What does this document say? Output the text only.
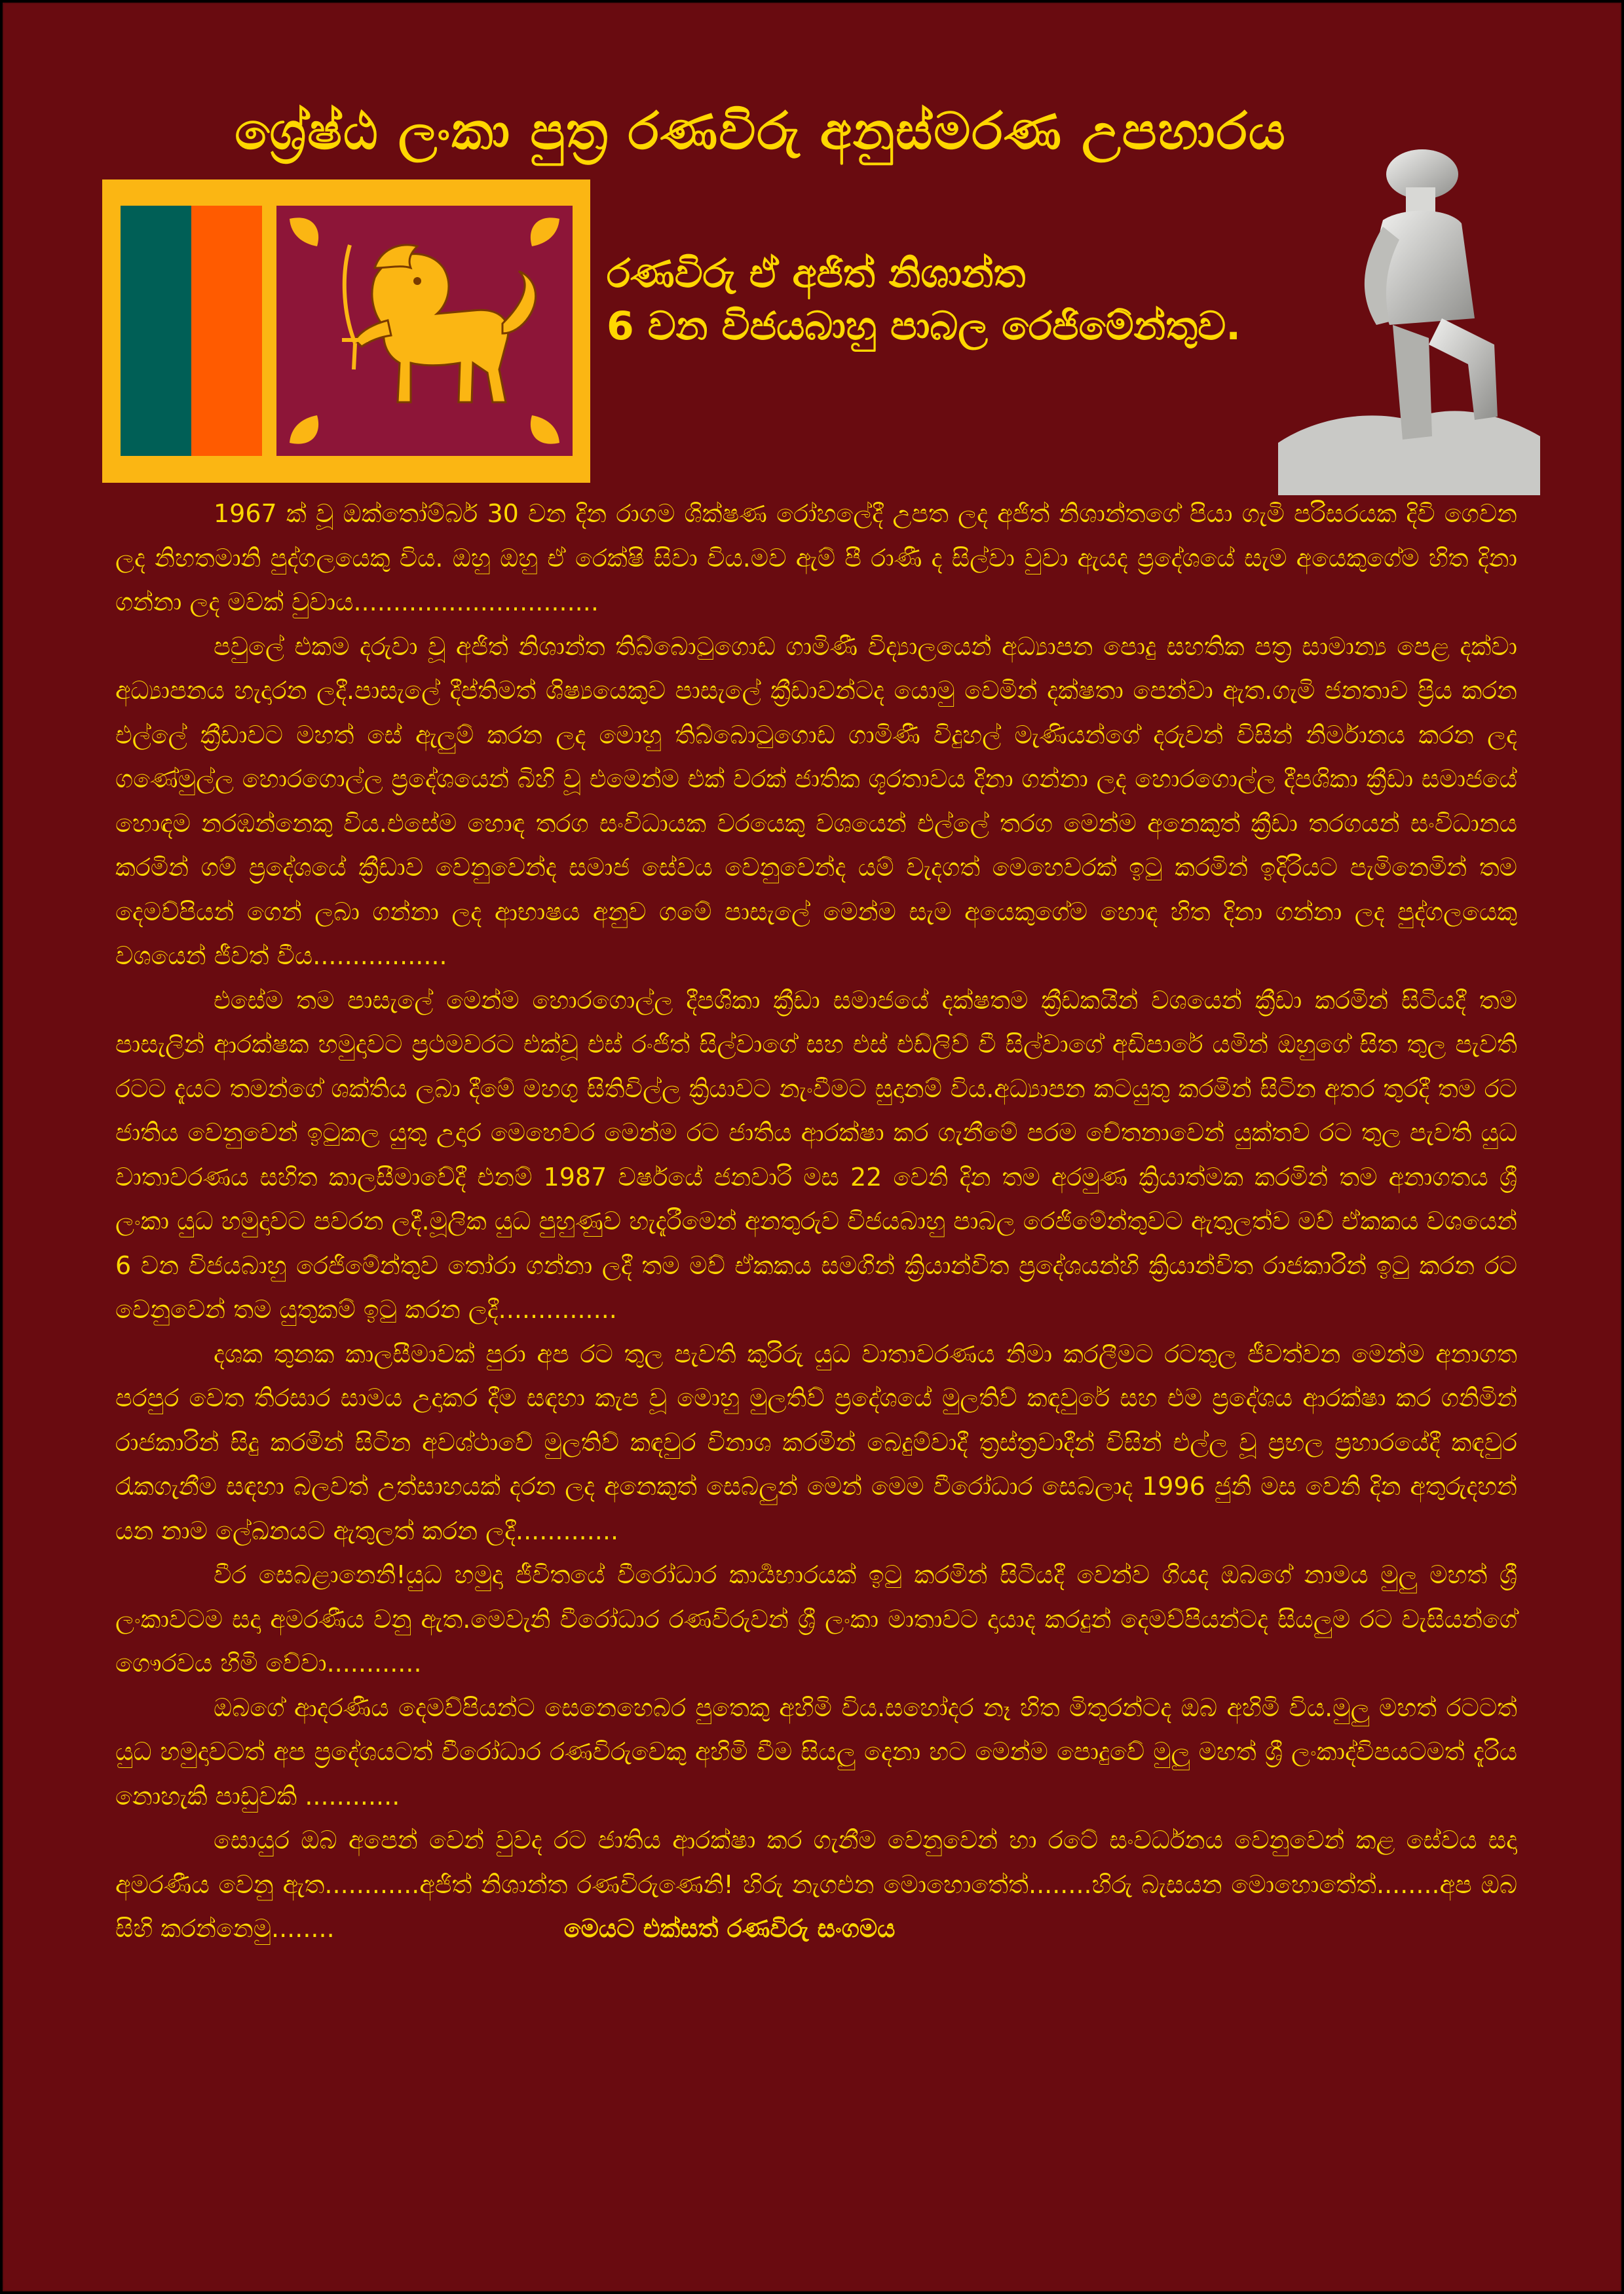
ශ්‍රේෂ්ඨ ලංකා පුත්‍ර රණවිරු අනුස්මරණ උපහාරය
රණවිරු ඒ අජිත් නිශාන්ත
6 වන විජයබාහු පාබල රෙජිමේන්තුව.

1967 ක් වූ ඔක්තෝම්බර් 30 වන දින රාගම ශික්ෂණ රෝහලේදී උපත ලද අජිත් නිශාන්තගේ පියා ගැමි පරිසරයක දිවි ගෙවන ලද නිහතමානි පුද්ගලයෙකු විය. ඔහු ඔහු ඒ රෙක්ෂි සිවා විය.මව ඇම් පී රාණී ද සිල්වා වුවා ඇයද ප්‍රදේශයේ සැම අයෙකුගේම හිත දිනා ගන්නා ලද මවක් වුවාය...............................

පවුලේ එකම දරුවා වූ අජිත් නිශාන්ත තිබ්බොටුගොඩ ගාමිණී විද්‍යාලයෙන් අධ්‍යාපන පොදු සහතික පත්‍ර සාමාන්‍ය පෙළ දක්වා අධ්‍යාපනය හැදාරන ලදී.පාසැලේ දීප්තිමත් ශිෂ්‍යයෙකුව පාසැලේ ක්‍රීඩාවන්ටද යොමු වෙමින් දක්ෂතා පෙන්වා ඇත.ගැමි ජනතාව ප්‍රිය කරන එල්ලේ ක්‍රීඩාවට මහත් සේ ඇලුම් කරන ලද මොහු තිබ්බොටුගොඩ ගාමිණී විදුහල් මැණියන්ගේ දරුවන් විසින් නිර්මානය කරන ලද ගණේමුල්ල හොරගොල්ල ප්‍රදේශයෙන් බිහි වූ එමෙන්ම එක් වරක් ජාතික ශූරතාවය දිනා ගන්නා ලද හොරගොල්ල දීපශිකා ක්‍රීඩා සමාජයේ හොඳම නරඹන්නෙකු විය.එසේම හොඳ තරග සංවිධායක වරයෙකු වශයෙන් එල්ලේ තරග මෙන්ම අනෙකුත් ක්‍රීඩා තරගයන් සංවිධානය කරමින් ගම් ප්‍රදේශයේ ක්‍රීඩාව වෙනුවෙන්ද සමාජ සේවය වෙනුවෙන්ද යම් වැදගත් මෙහෙවරක් ඉටු කරමින් ඉදිරියට පැමිනෙමින් තම දෙමව්පියන් ගෙන් ලබා ගන්නා ලද ආභාෂය අනුව ගමේ පාසැලේ මෙන්ම සැම අයෙකුගේම හොඳ හිත දිනා ගන්නා ලද පුද්ගලයෙකු වශයෙන් ජීවත් වීය.................

එසේම තම පාසැලේ මෙන්ම හොරගොල්ල දීපශිකා ක්‍රීඩා සමාජයේ දක්ෂතම ක්‍රීඩකයින් වශයෙන් ක්‍රීඩා කරමින් සිටියදී තම පාසැලින් ආරක්ෂක හමුදාවට ප්‍රථමවරට එක්වූ එස් රංජිත් සිල්වාගේ සහ එස් එඩ්ලිව් වී සිල්වාගේ අඩිපාරේ යමින් ඔහුගේ සිත තුල පැවති රටට දැයට තමන්ගේ ශක්තිය ලබා දීමේ මහගු සිතිවිල්ල ක්‍රියාවට නැංවීමට සුදානම් විය.අධ්‍යාපන කටයුතු කරමින් සිටින අතර තුරදී තම රට ජාතිය වෙනුවෙන් ඉටුකල යුතු උදාර මෙහෙවර මෙන්ම රට ජාතිය ආරක්ෂා කර ගැනීමේ පරම චේතනාවෙන් යුක්තව රට තුල පැවති යුධ වාතාවරණය සහිත කාලසීමාවේදී එනම් 1987 වර්ෂයේ ජනවාරි මස 22 වෙනි දින තම අරමුණ ක්‍රියාත්මක කරමින් තම අනාගතය ශ්‍රී ලංකා යුධ හමුදාවට පවරන ලදී.මූලික යුධ පුහුණුව හැදැරීමෙන් අනතුරුව විජයබාහු පාබල රෙජිමේන්තුවට ඇතුලත්ව මව් ඒකකය වශයෙන් 6 වන විජයබාහු රෙජිමේන්තුව තෝරා ගන්නා ලදී තම මව් ඒකකය සමගින් ක්‍රියාන්විත ප්‍රදේශයන්හි ක්‍රියාන්විත රාජකාරින් ඉටු කරන රට වෙනුවෙන් තම යුතුකම් ඉටු කරන ලදී...............

දශක තුනක කාලසීමාවක් පුරා අප රට තුල පැවති කුරිරු යුධ වාතාවරණය නිමා කරලීමට රටතුල ජීවත්වන මෙන්ම අනාගත පරපුර වෙත තිරසාර සාමය උදාකර දීම සඳහා කැප වූ මොහු මුලතිව් ප්‍රදේශයේ මුලතිව් කඳවුරේ සහ එම ප්‍රදේශය ආරක්ෂා කර ගනිමින් රාජකාරින් සිදු කරමින් සිටින අවශ්ථාවේ මුලතිව් කඳවුර විනාශ කරමින් බෙදුම්වාදී ත්‍රස්ත්‍රවාදීන් විසින් එල්ල වූ ප්‍රභල ප්‍රහාරයේදී කඳවුර රැකගැනීම සඳහා බලවත් උත්සාහයක් දරන ලද අනෙකුත් සෙබලුන් මෙන් මෙම වීරෝධාර සෙබලාද 1996 ජුනි මස වෙනි දින අතුරුදහන් යන නාම ලේඛනයට ඇතුලත් කරන ලදී.............

වීර සෙබළානෙනි!යුධ හමුදා ජීවිතයේ වීරෝධාර කාර්‍යභාරයක් ඉටු කරමින් සිටියදී වෙන්ව ගියද ඔබගේ නාමය මුලු මහත් ශ්‍රී ලංකාවටම සදා අමරණීය වනු ඇත.මෙවැනි වීරෝධාර රණවිරුවන් ශ්‍රී ලංකා මාතාවට දායාද කරදුන් දෙමව්පියන්ටද සියලුම රට වැසියන්ගේ ගෞරවය හිමි වේවා............

ඔබගේ ආදරණීය දෙමව්පියන්ට සෙනෙහෙබර පුතෙකු අහිමි විය.සහෝදර නෑ හිත මිතුරන්ටද ඔබ අහිමි විය.මුලු මහත් රටටත් යුධ හමුදාවටත් අප ප්‍රදේශයටත් වීරෝධාර රණවිරුවෙකු අහිමි වීම සියලු දෙනා හට මෙන්ම පොදුවේ මුලු මහත් ශ්‍රී ලංකාද්විපයටමත් දැරිය නොහැකි පාඩුවකි ............

සොයුර ඔබ අපෙන් වෙන් වුවද රට ජාතිය ආරක්ෂා කර ගැනීම වෙනුවෙන් හා රටේ සංවර්ධනය වෙනුවෙන් කළ සේවය සදා අමරණීය වෙනු ඇත............අජිත් නිශාන්ත රණවිරුණෙනි! හිරු නැගඑන මොහොතේත්........හිරු බැසයන මොහොතේත්........අප ඔබ සිහි කරන්නෙමු........	මෙයට එක්සත් රණවිරු සංගමය
